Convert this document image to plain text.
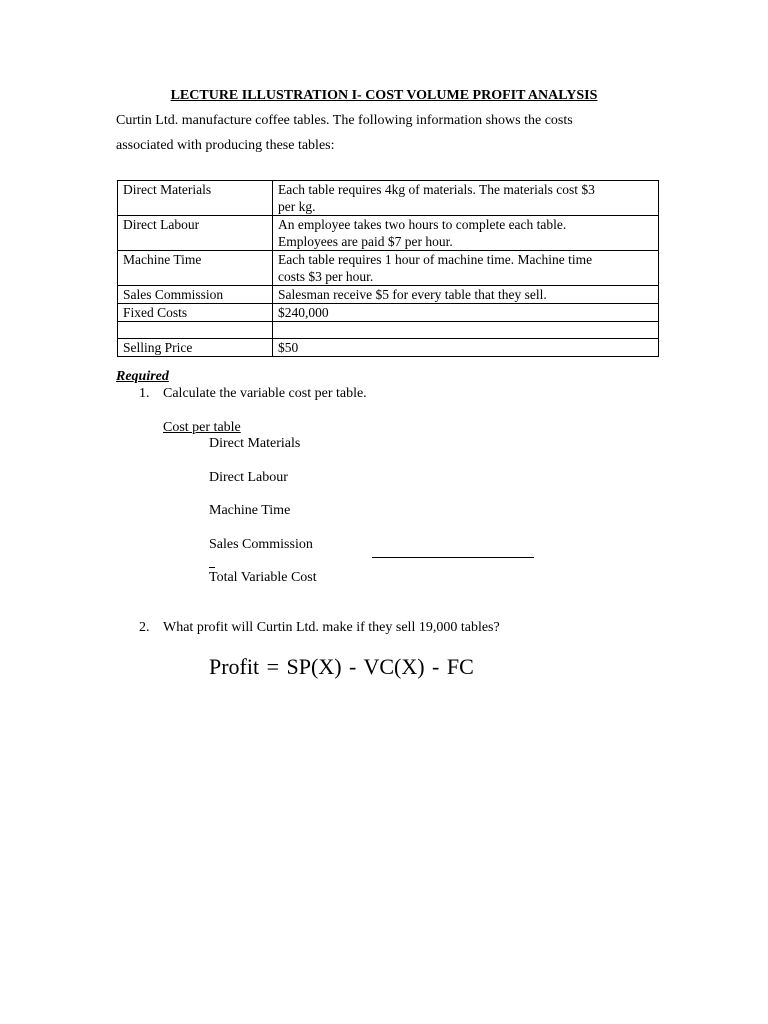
LECTURE ILLUSTRATION I- COST VOLUME PROFIT ANALYSIS
Curtin Ltd. manufacture coffee tables. The following information shows the costs
associated with producing these tables:
Direct Materials	Each table requires 4kg of materials. The materials cost $3
per kg.

Direct Labour	An employee takes two hours to complete each table.
Employees are paid $7 per hour.

Machine Time	Each table requires 1 hour of machine time. Machine time
costs $3 per hour.

Sales Commission	Salesman receive $5 for every table that they sell.
Fixed Costs	$240,000

Selling Price	$50
Required
1. Calculate the variable cost per table.
Cost per table
Direct Materials
Direct Labour
Machine Time
Sales Commission
Total Variable Cost
2. What profit will Curtin Ltd. make if they sell 19,000 tables?
Profit = SP(X) - VC(X) - FC
